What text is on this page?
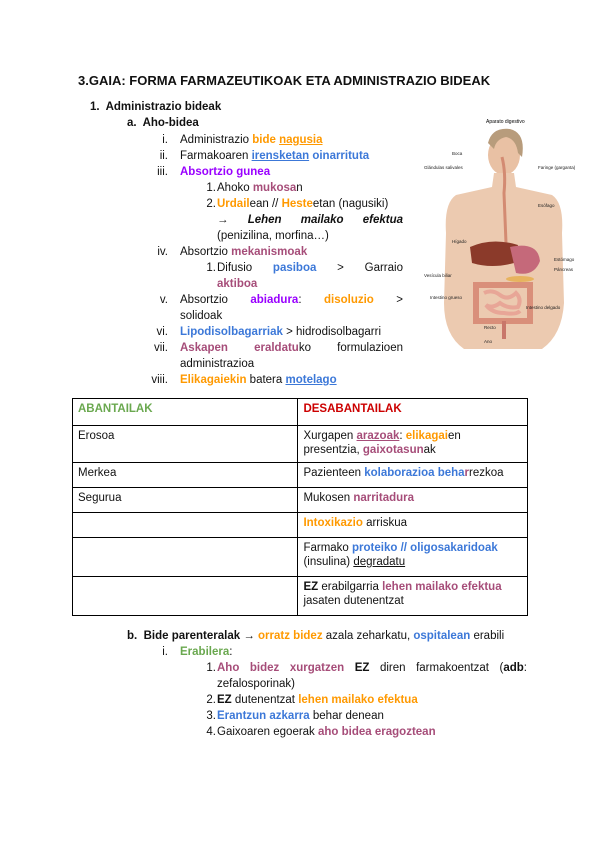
3.GAIA: FORMA FARMAZEUTIKOAK ETA ADMINISTRAZIO BIDEAK
1. Administrazio bideak
a. Aho-bidea
i. Administrazio bide nagusia
ii. Farmakoaren irensketan oinarrituta
iii. Absortzio gunea
1. Ahoko mukosan
2. Urdailean // Hesteetan (nagusiki)
→ Lehen mailako efektua
(penizilina, morfina…)
iv. Absortzio mekanismoak
1. Difusio pasiboa > Garraio
aktiboa
v. Absortzio abiadura: disoluzio >
solidoak
vi. Lipodisolbagarriak > hidrodisolbagarri
vii. Askapen eraldatuko formulazioen
administrazioa
viii. Elikagaiekin batera motelago
Aparato digestivo
Boca
Glándulas salivales	Faringe (garganta)
Esófago
Hígado
Vesícula biliar
Estómago
Páncreas
Intestino grueso
Intestino delgado
Recto
Ano
ABANTAILAK	DESABANTAILAK
Erosoa	Xurgapen arazoak: elikagaien
presentzia, gaixotasunak
Merkea	Pazienteen kolaborazioa beharrezkoa
Segurua	Mukosen narritadura
	Intoxikazio arriskua
	Farmako proteiko // oligosakaridoak
(insulina) degradatu
	EZ erabilgarria lehen mailako efektua
jasaten dutenentzat
b. Bide parenteralak → orratz bidez azala zeharkatu, ospitalean erabili
i. Erabilera:
1. Aho bidez xurgatzen EZ diren farmakoentzat (adb:
zefalosporinak)
2. EZ dutenentzat lehen mailako efektua
3. Erantzun azkarra behar denean
4. Gaixoaren egoerak aho bidea eragoztean
